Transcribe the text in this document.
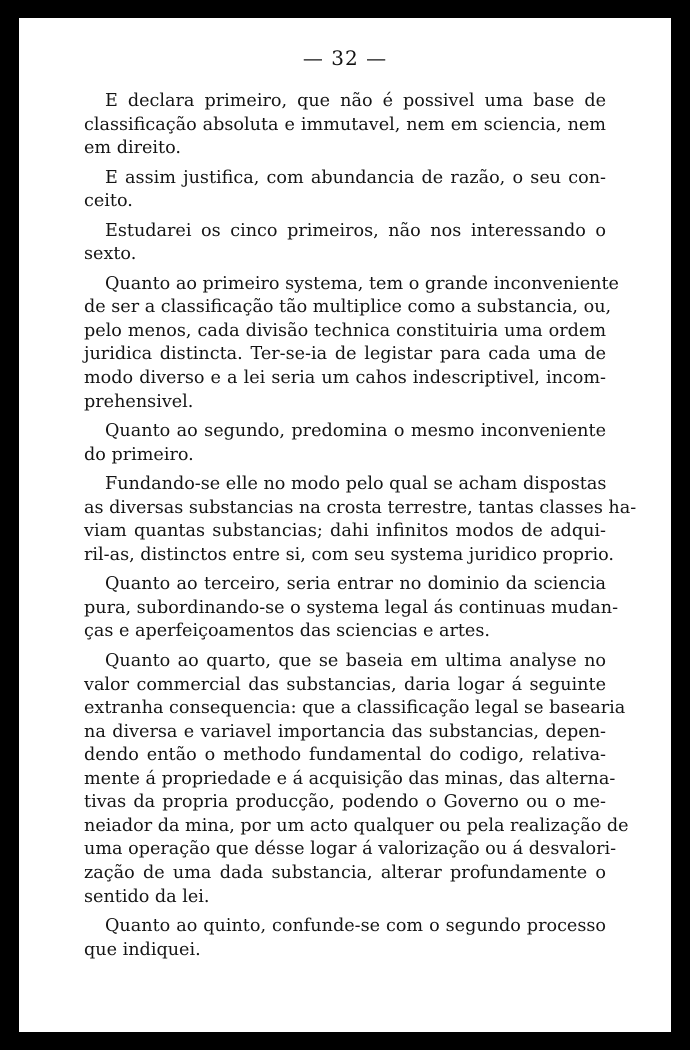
— 32 —
E declara primeiro, que não é possivel uma base de
classificação absoluta e immutavel, nem em sciencia, nem
em direito.
E assim justifica, com abundancia de razão, o seu con-
ceito.
Estudarei os cinco primeiros, não nos interessando o
sexto.
Quanto ao primeiro systema, tem o grande inconveniente
de ser a classificação tão multiplice como a substancia, ou,
pelo menos, cada divisão technica constituiria uma ordem
juridica distincta. Ter-se-ia de legistar para cada uma de
modo diverso e a lei seria um cahos indescriptivel, incom-
prehensivel.
Quanto ao segundo, predomina o mesmo inconveniente
do primeiro.
Fundando-se elle no modo pelo qual se acham dispostas
as diversas substancias na crosta terrestre, tantas classes ha-
viam quantas substancias; dahi infinitos modos de adqui-
ril-as, distinctos entre si, com seu systema juridico proprio.
Quanto ao terceiro, seria entrar no dominio da sciencia
pura, subordinando-se o systema legal ás continuas mudan-
ças e aperfeiçoamentos das sciencias e artes.
Quanto ao quarto, que se baseia em ultima analyse no
valor commercial das substancias, daria logar á seguinte
extranha consequencia: que a classificação legal se basearia
na diversa e variavel importancia das substancias, depen-
dendo então o methodo fundamental do codigo, relativa-
mente á propriedade e á acquisição das minas, das alterna-
tivas da propria producção, podendo o Governo ou o me-
neiador da mina, por um acto qualquer ou pela realização de
uma operação que désse logar á valorização ou á desvalori-
zação de uma dada substancia, alterar profundamente o
sentido da lei.
Quanto ao quinto, confunde-se com o segundo processo
que indiquei.
